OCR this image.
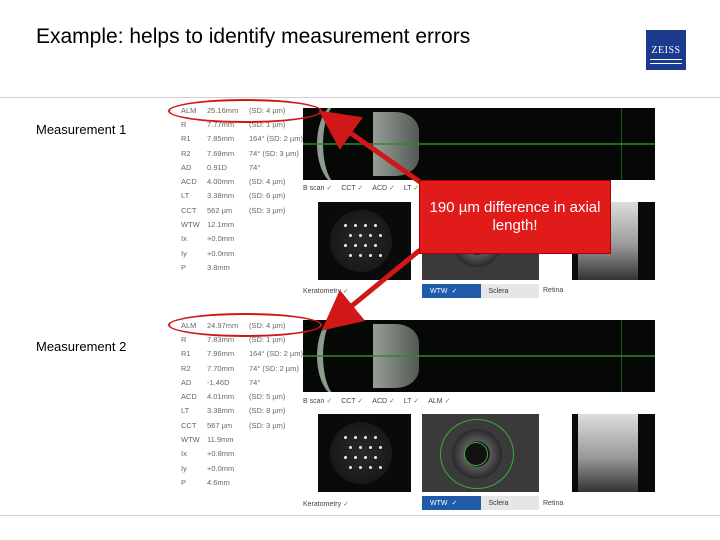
Example: helps to identify measurement errors
ZEISS
Measurement 1
ALM	25.16mm	(SD: 4 µm)
R	7.77mm	(SD: 1 µm)
R1	7.85mm	164° (SD: 2 µm)
R2	7.69mm	74° (SD: 3 µm)
AD	0.91D	74°
ACD	4.00mm	(SD: 4 µm)
LT	3.38mm	(SD: 6 µm)
CCT	562 µm	(SD: 3 µm)
WTW 12.1mm
Ix	+0.0mm
Iy	+0.0mm
P	3.8mm
B scan ✓	CCT ✓	ACD ✓	LT ✓
✓
Keratometry ✓	WTW ✓	Sclera	Retina
Measurement 2
ALM	24.97mm	(SD: 4 µm)
R	7.83mm	(SD: 1 µm)
R1	7.96mm	164° (SD: 2 µm)
R2	7.70mm	74° (SD: 2 µm)
AD	-1.46D	74°
ACD	4.01mm	(SD: 5 µm)
LT	3.38mm	(SD: 8 µm)
CCT	567 µm	(SD: 3 µm)
WTW 11.9mm
Ix	+0.8mm
Iy	+0.0mm
P	4.6mm
B scan ✓	CCT ✓	ACD ✓	LT ✓	ALM ✓
Keratometry ✓	WTW ✓	Sclera	Retina
190 µm difference in axial length!
